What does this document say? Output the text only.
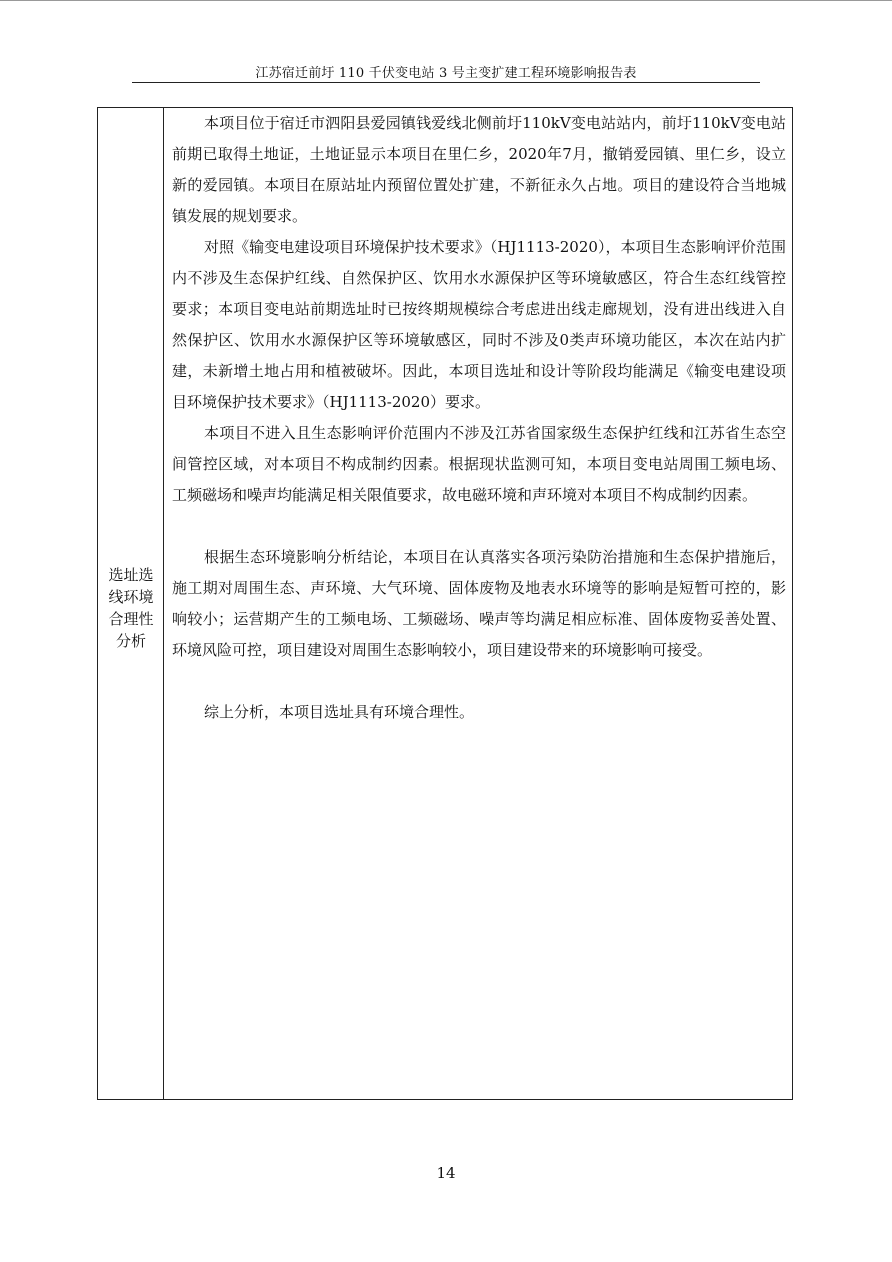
江苏宿迁前圩 110 千伏变电站 3 号主变扩建工程环境影响报告表
选址选线环境合理性分析

本项目位于宿迁市泗阳县爱园镇钱爱线北侧前圩110kV变电站站内，前圩110kV变电站前期已取得土地证，土地证显示本项目在里仁乡，2020年7月，撤销爱园镇、里仁乡，设立新的爱园镇。本项目在原站址内预留位置处扩建，不新征永久占地。项目的建设符合当地城镇发展的规划要求。

对照《输变电建设项目环境保护技术要求》（HJ1113-2020），本项目生态影响评价范围内不涉及生态保护红线、自然保护区、饮用水水源保护区等环境敏感区，符合生态红线管控要求；本项目变电站前期选址时已按终期规模综合考虑进出线走廊规划，没有进出线进入自然保护区、饮用水水源保护区等环境敏感区，同时不涉及0类声环境功能区，本次在站内扩建，未新增土地占用和植被破坏。因此，本项目选址和设计等阶段均能满足《输变电建设项目环境保护技术要求》（HJ1113-2020）要求。

本项目不进入且生态影响评价范围内不涉及江苏省国家级生态保护红线和江苏省生态空间管控区域，对本项目不构成制约因素。根据现状监测可知，本项目变电站周围工频电场、工频磁场和噪声均能满足相关限值要求，故电磁环境和声环境对本项目不构成制约因素。

根据生态环境影响分析结论，本项目在认真落实各项污染防治措施和生态保护措施后，施工期对周围生态、声环境、大气环境、固体废物及地表水环境等的影响是短暂可控的，影响较小；运营期产生的工频电场、工频磁场、噪声等均满足相应标准、固体废物妥善处置、环境风险可控，项目建设对周围生态影响较小，项目建设带来的环境影响可接受。

综上分析，本项目选址具有环境合理性。

14
